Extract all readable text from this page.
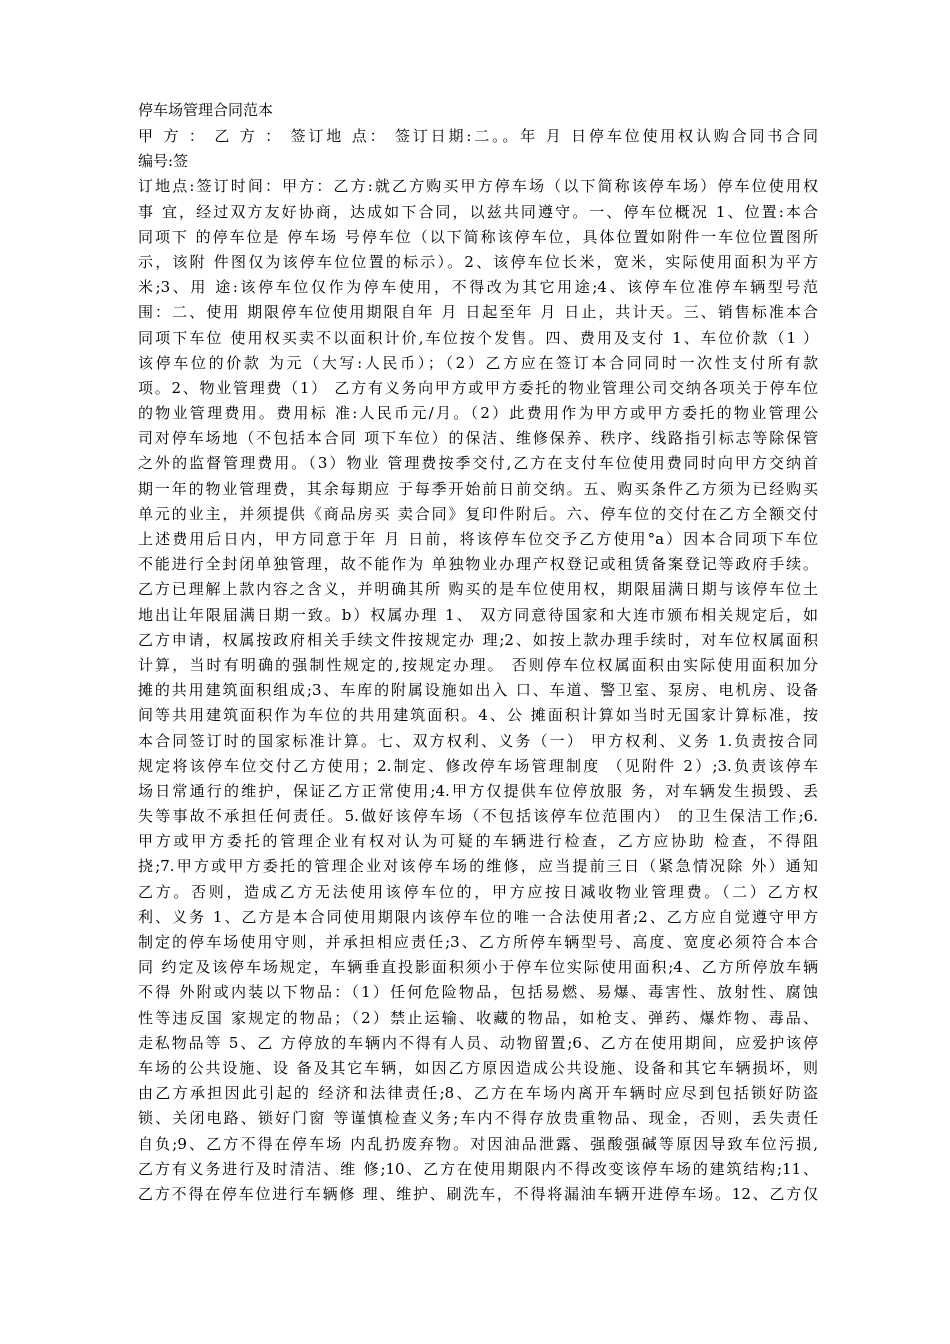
停车场管理合同范本
甲 方 ： 乙 方 ： 签订地 点： 签订日期:二。。年 月 日停车位使用权认购合同书合同
编号:签
订地点:签订时间：甲方：乙方:就乙方购买甲方停车场（以下简称该停车场）停车位使用权
事 宜，经过双方友好协商，达成如下合同，以兹共同遵守。一、停车位概况 1、位置:本合
同项下 的停车位是 停车场 号停车位（以下简称该停车位，具体位置如附件一车位位置图所
示，该附 件图仅为该停车位位置的标示）。2、该停车位长米，宽米，实际使用面积为平方
米;3、用 途:该停车位仅作为停车使用，不得改为其它用途;4、该停车位准停车辆型号范
围：二、使用 期限停车位使用期限自年 月 日起至年 月 日止，共计天。三、销售标准本合
同项下车位 使用权买卖不以面积计价,车位按个发售。四、费用及支付 1、车位价款（1 ）
该停车位的价款 为元（大写:人民币）；（2）乙方应在签订本合同同时一次性支付所有款
项。2、物业管理费（1） 乙方有义务向甲方或甲方委托的物业管理公司交纳各项关于停车位
的物业管理费用。费用标 准:人民币元/月。（2）此费用作为甲方或甲方委托的物业管理公
司对停车场地（不包括本合同 项下车位）的保洁、维修保养、秩序、线路指引标志等除保管
之外的监督管理费用。（3）物业 管理费按季交付,乙方在支付车位使用费同时向甲方交纳首
期一年的物业管理费，其余每期应 于每季开始前日前交纳。五、购买条件乙方须为已经购买
单元的业主，并须提供《商品房买 卖合同》复印件附后。六、停车位的交付在乙方全额交付
上述费用后日内，甲方同意于年 月 日前，将该停车位交予乙方使用°a）因本合同项下车位
不能进行全封闭单独管理，故不能作为 单独物业办理产权登记或租赁备案登记等政府手续。
乙方已理解上款内容之含义，并明确其所 购买的是车位使用权，期限届满日期与该停车位土
地出让年限届满日期一致。b）权属办理 1、 双方同意待国家和大连市颁布相关规定后，如
乙方申请，权属按政府相关手续文件按规定办 理;2、如按上款办理手续时，对车位权属面积
计算，当时有明确的强制性规定的,按规定办理。 否则停车位权属面积由实际使用面积加分
摊的共用建筑面积组成;3、车库的附属设施如出入 口、车道、警卫室、泵房、电机房、设备
间等共用建筑面积作为车位的共用建筑面积。4、公 摊面积计算如当时无国家计算标准，按
本合同签订时的国家标准计算。七、双方权利、义务（一） 甲方权利、义务 1.负责按合同
规定将该停车位交付乙方使用；2.制定、修改停车场管理制度 （见附件 2）;3.负责该停车
场日常通行的维护，保证乙方正常使用;4.甲方仅提供车位停放服 务，对车辆发生损毁、丢
失等事故不承担任何责任。5.做好该停车场（不包括该停车位范围内） 的卫生保洁工作;6.
甲方或甲方委托的管理企业有权对认为可疑的车辆进行检查，乙方应协助 检查，不得阻
挠;7.甲方或甲方委托的管理企业对该停车场的维修，应当提前三日（紧急情况除 外）通知
乙方。否则，造成乙方无法使用该停车位的，甲方应按日减收物业管理费。（二）乙方权
利、义务 1、乙方是本合同使用期限内该停车位的唯一合法使用者;2、乙方应自觉遵守甲方
制定的停车场使用守则，并承担相应责任;3、乙方所停车辆型号、高度、宽度必须符合本合
同 约定及该停车场规定，车辆垂直投影面积须小于停车位实际使用面积;4、乙方所停放车辆
不得 外附或内装以下物品：（1）任何危险物品，包括易燃、易爆、毒害性、放射性、腐蚀
性等违反国 家规定的物品；（2）禁止运输、收藏的物品，如枪支、弹药、爆炸物、毒品、
走私物品等 5、乙 方停放的车辆内不得有人员、动物留置;6、乙方在使用期间，应爱护该停
车场的公共设施、设 备及其它车辆，如因乙方原因造成公共设施、设备和其它车辆损坏，则
由乙方承担因此引起的 经济和法律责任;8、乙方在车场内离开车辆时应尽到包括锁好防盗
锁、关闭电路、锁好门窗 等谨慎检查义务;车内不得存放贵重物品、现金，否则，丢失责任
自负;9、乙方不得在停车场 内乱扔废弃物。对因油品泄露、强酸强碱等原因导致车位污损,
乙方有义务进行及时清洁、维 修;10、乙方在使用期限内不得改变该停车场的建筑结构;11、
乙方不得在停车位进行车辆修 理、维护、刷洗车，不得将漏油车辆开进停车场。12、乙方仅
